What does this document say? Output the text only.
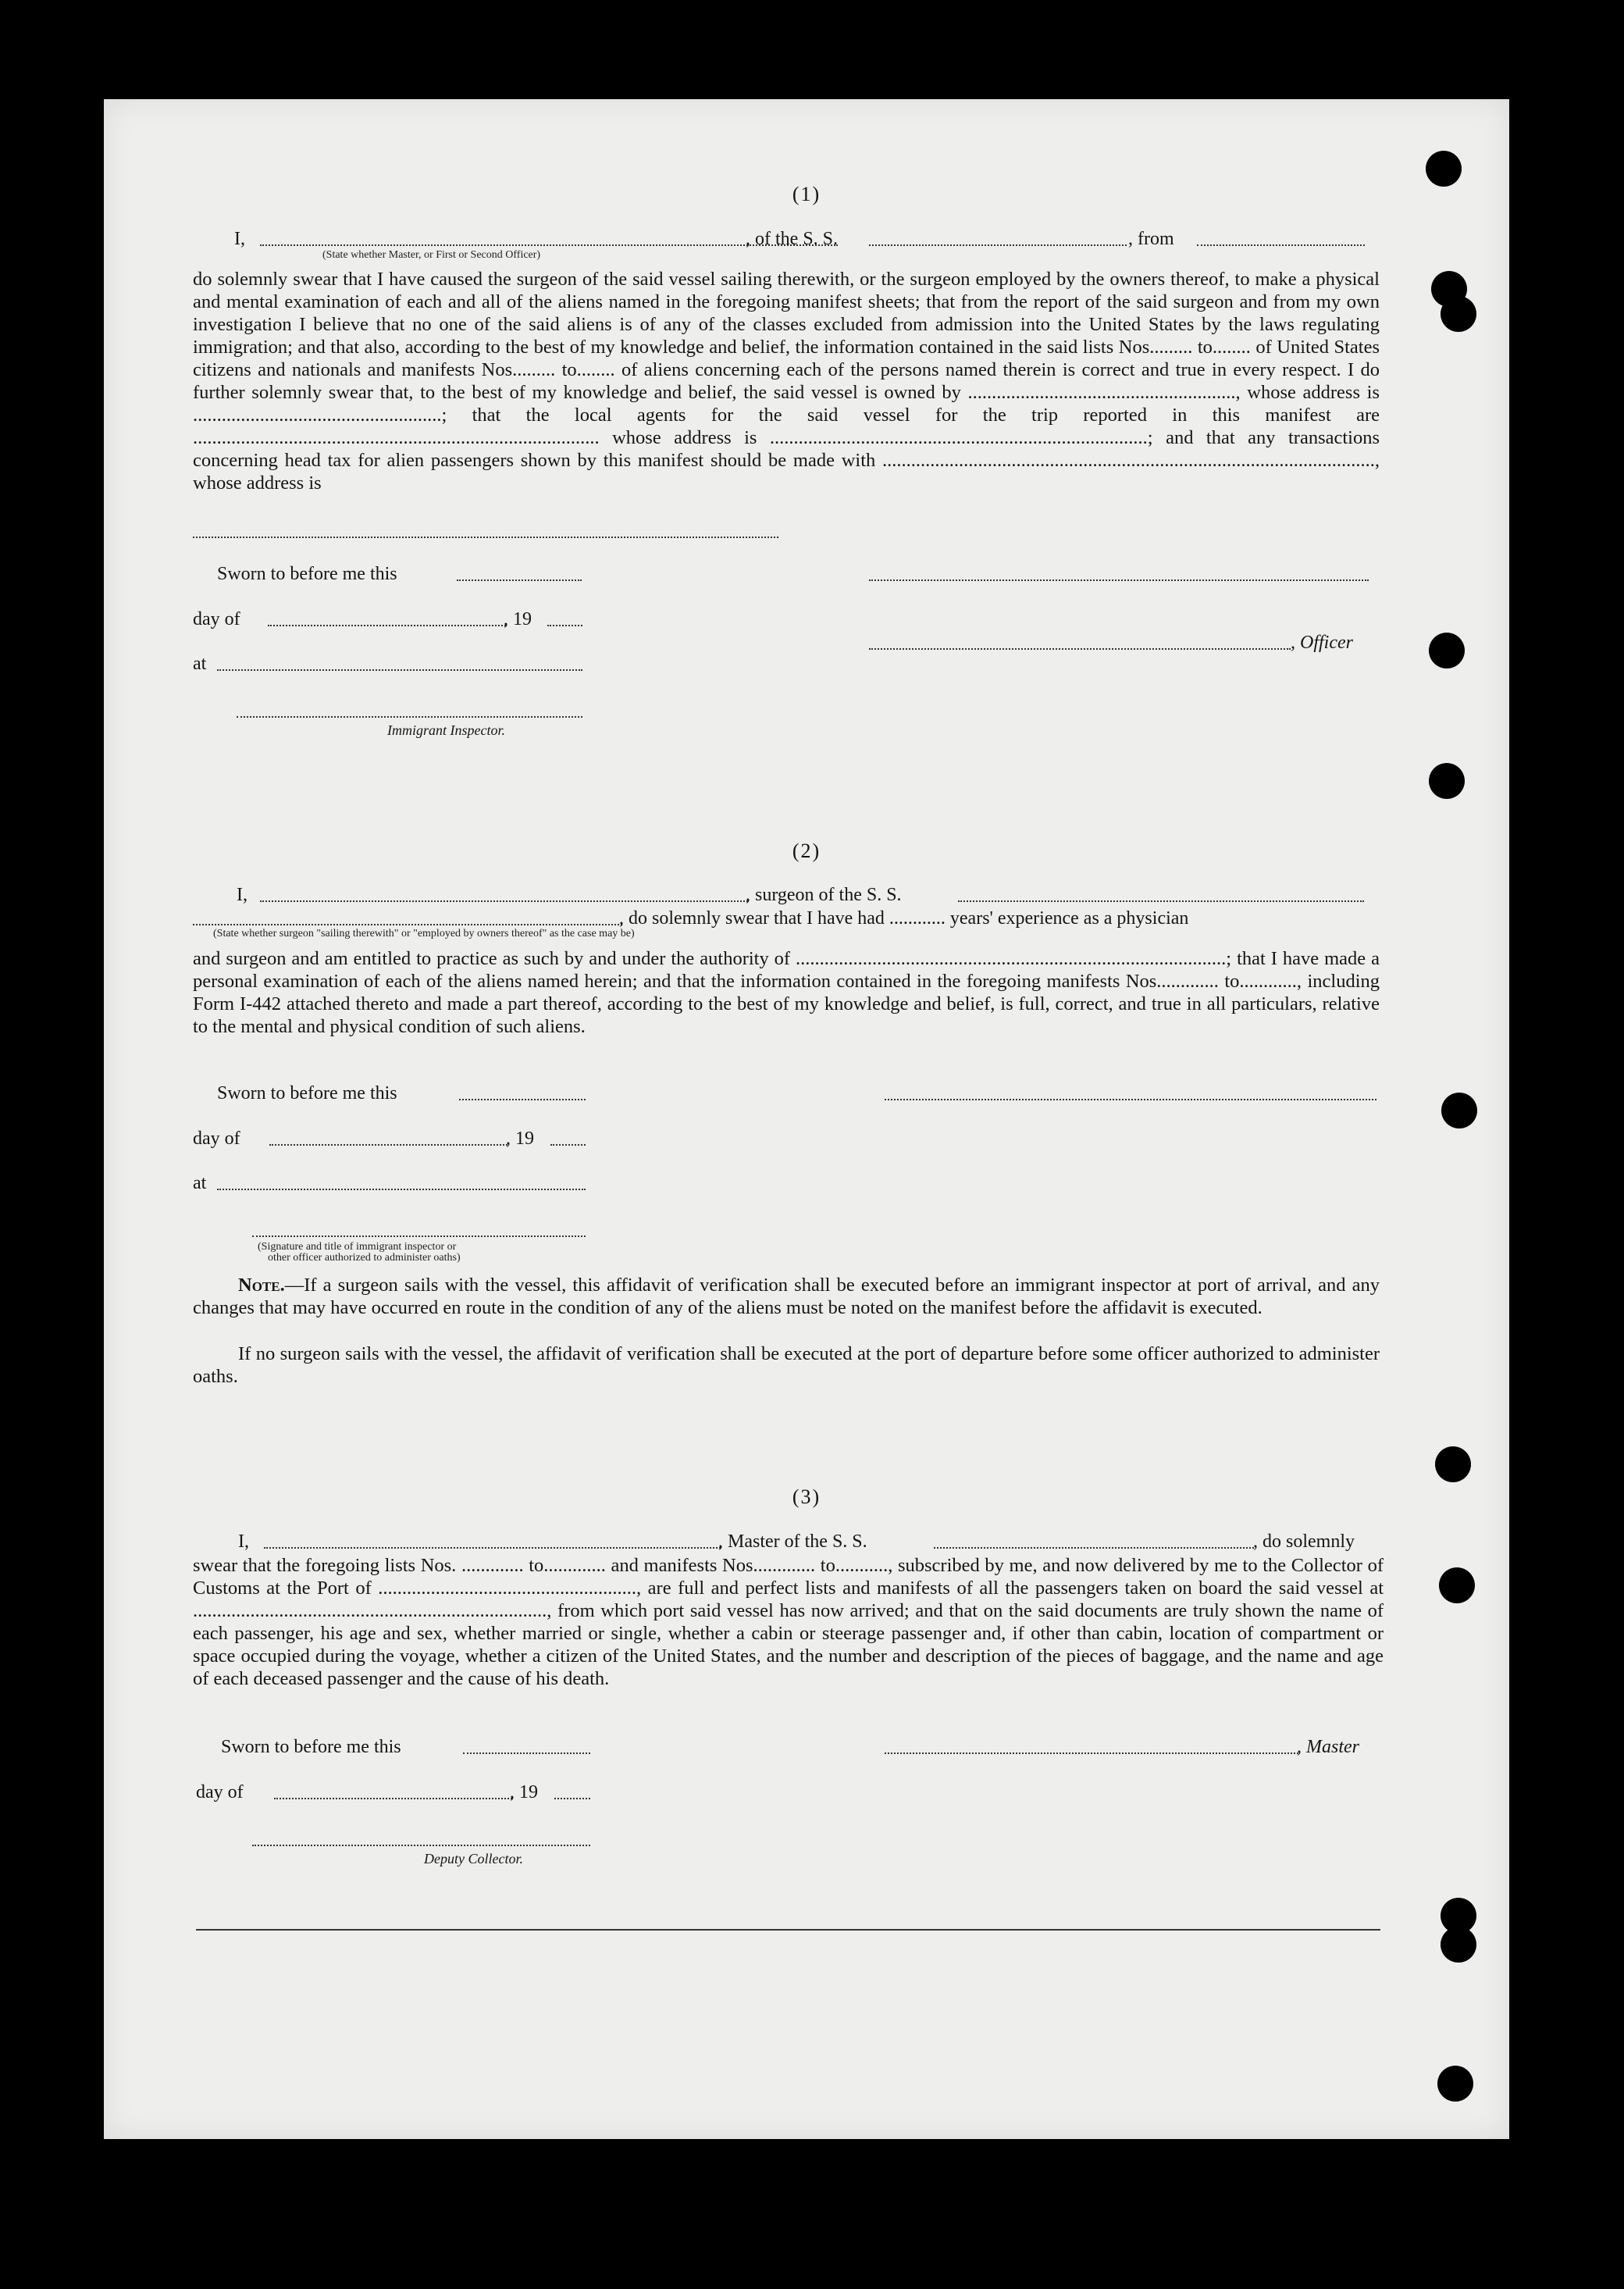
(1)
I,	, of the S. S.	, from
(State whether Master, or First or Second Officer)
do solemnly swear that I have caused the surgeon of the said vessel sailing therewith, or the surgeon employed by the owners thereof, to make a physical and mental examination of each and all of the aliens named in the foregoing manifest sheets; that from the report of the said surgeon and from my own investigation I believe that no one of the said aliens is of any of the classes excluded from admission into the United States by the laws regulating immigration; and that also, according to the best of my knowledge and belief, the information contained in the said lists Nos......... to........ of United States citizens and nationals and manifests Nos......... to........ of aliens concerning each of the persons named therein is correct and true in every respect. I do further solemnly swear that, to the best of my knowledge and belief, the said vessel is owned by ........................................................, whose address is ....................................................; that the local agents for the said vessel for the trip reported in this manifest are ..................................................................................... whose address is ...............................................................................; and that any transactions concerning head tax for alien passengers shown by this manifest should be made with ......................................................................................................., whose address is
Sworn to before me this
day of	, 19
, Officer
at
Immigrant Inspector.
(2)
I,	, surgeon of the S. S.
, do solemnly swear that I have had ............ years' experience as a physician
(State whether surgeon "sailing therewith" or "employed by owners thereof" as the case may be)
and surgeon and am entitled to practice as such by and under the authority of ..........................................................................................; that I have made a personal examination of each of the aliens named herein; and that the information contained in the foregoing manifests Nos............. to............, including Form I-442 attached thereto and made a part thereof, according to the best of my knowledge and belief, is full, correct, and true in all particulars, relative to the mental and physical condition of such aliens.
Sworn to before me this
day of	, 19
at
(Signature and title of immigrant inspector or
other officer authorized to administer oaths)
Note.—If a surgeon sails with the vessel, this affidavit of verification shall be executed before an immigrant inspector at port of arrival, and any changes that may have occurred en route in the condition of any of the aliens must be noted on the manifest before the affidavit is executed.
If no surgeon sails with the vessel, the affidavit of verification shall be executed at the port of departure before some officer authorized to administer oaths.
(3)
I,	, Master of the S. S.	, do solemnly
swear that the foregoing lists Nos. ............. to............. and manifests Nos............. to..........., subscribed by me, and now delivered by me to the Collector of Customs at the Port of ......................................................, are full and perfect lists and manifests of all the passengers taken on board the said vessel at .........................................................................., from which port said vessel has now arrived; and that on the said documents are truly shown the name of each passenger, his age and sex, whether married or single, whether a cabin or steerage passenger and, if other than cabin, location of compartment or space occupied during the voyage, whether a citizen of the United States, and the number and description of the pieces of baggage, and the name and age of each deceased passenger and the cause of his death.
Sworn to before me this	, Master
day of	, 19
Deputy Collector.
